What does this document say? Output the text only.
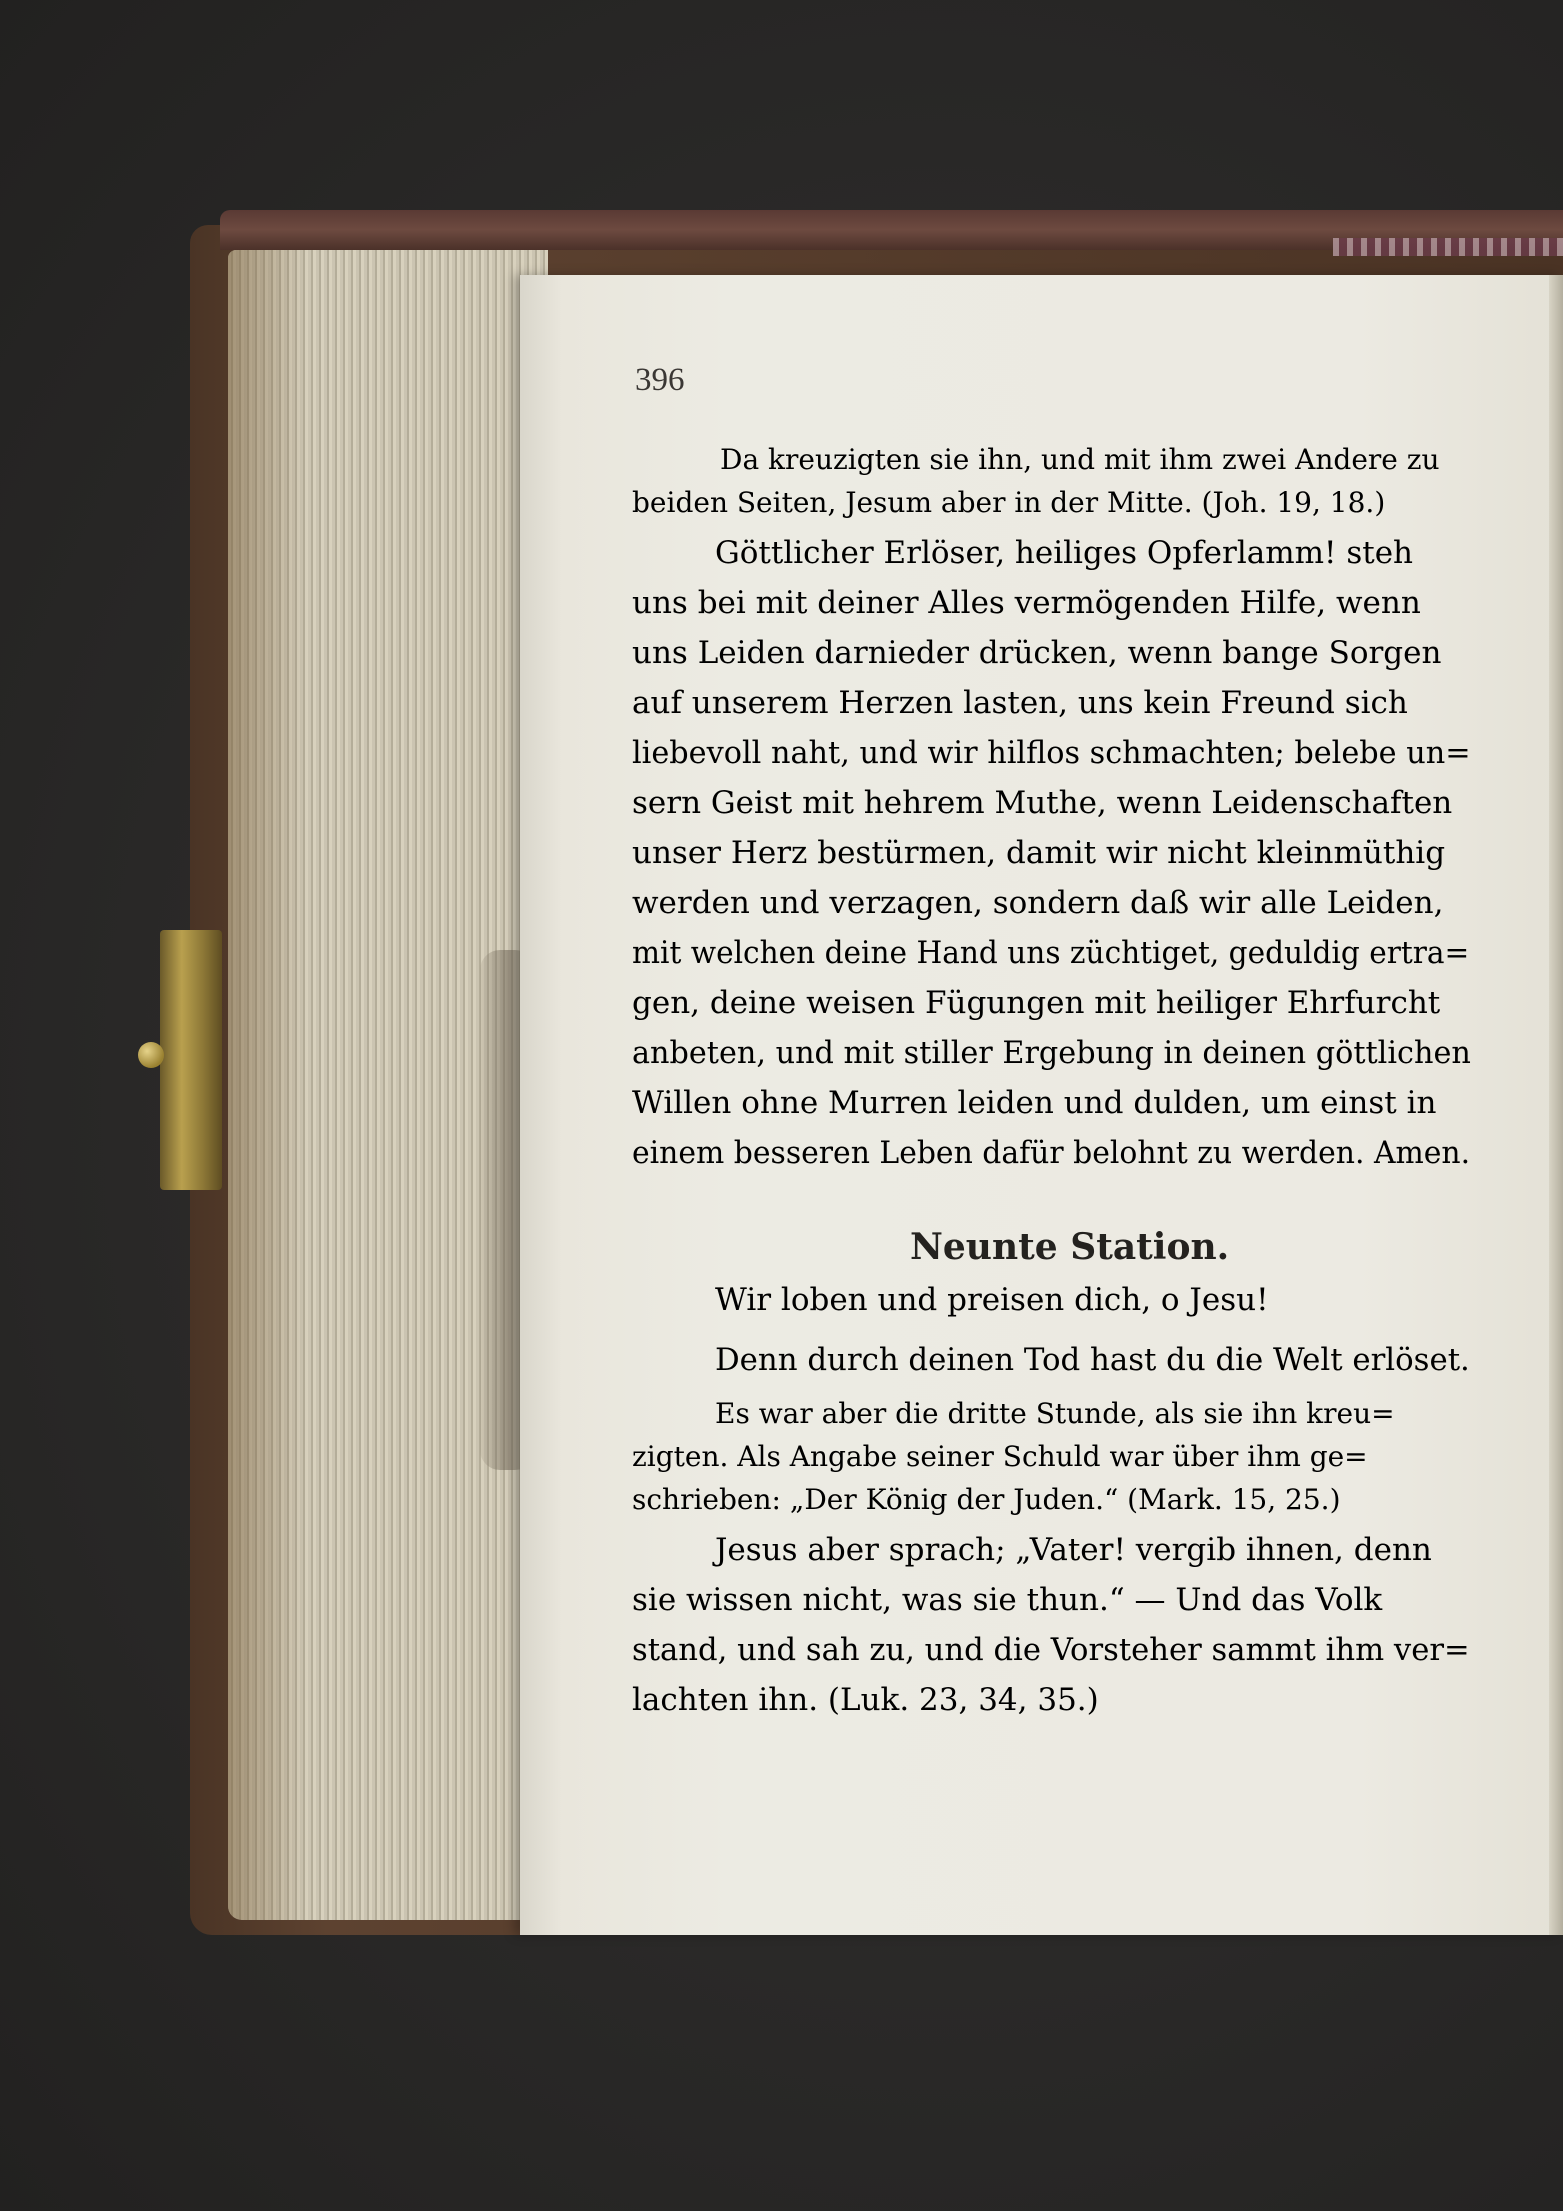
396
Da kreuzigten sie ihn, und mit ihm zwei Andere zu
beiden Seiten, Jesum aber in der Mitte. (Joh. 19, 18.)
Göttlicher Erlöser, heiliges Opferlamm! steh
uns bei mit deiner Alles vermögenden Hilfe, wenn
uns Leiden darnieder drücken, wenn bange Sorgen
auf unserem Herzen lasten, uns kein Freund sich
liebevoll naht, und wir hilflos schmachten; belebe un=
sern Geist mit hehrem Muthe, wenn Leidenschaften
unser Herz bestürmen, damit wir nicht kleinmüthig
werden und verzagen, sondern daß wir alle Leiden,
mit welchen deine Hand uns züchtiget, geduldig ertra=
gen, deine weisen Fügungen mit heiliger Ehrfurcht
anbeten, und mit stiller Ergebung in deinen göttlichen
Willen ohne Murren leiden und dulden, um einst in
einem besseren Leben dafür belohnt zu werden. Amen.
Neunte Station.
Wir loben und preisen dich, o Jesu!
Denn durch deinen Tod hast du die Welt erlöset.
Es war aber die dritte Stunde, als sie ihn kreu=
zigten. Als Angabe seiner Schuld war über ihm ge=
schrieben: „Der König der Juden.“ (Mark. 15, 25.)
Jesus aber sprach; „Vater! vergib ihnen, denn
sie wissen nicht, was sie thun.“ — Und das Volk
stand, und sah zu, und die Vorsteher sammt ihm ver=
lachten ihn. (Luk. 23, 34, 35.)
